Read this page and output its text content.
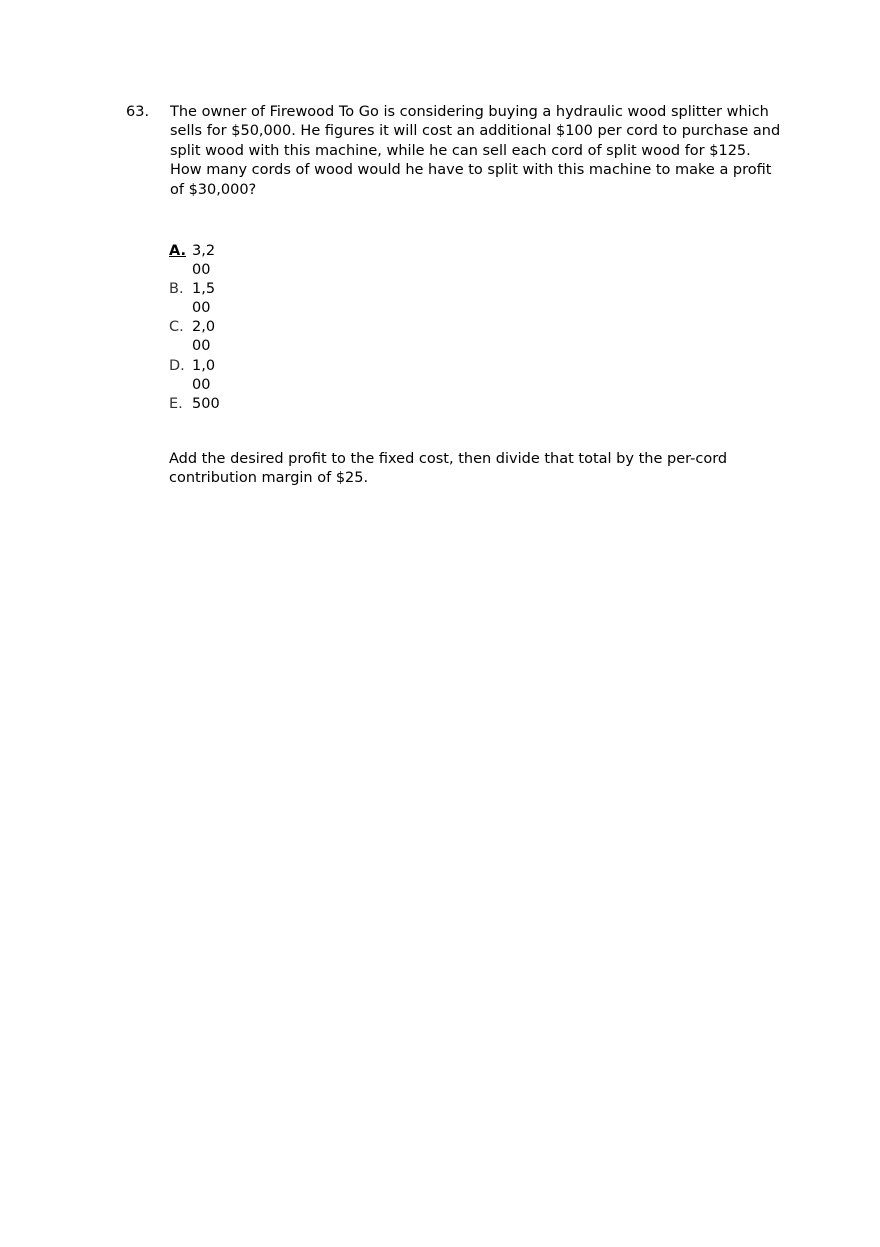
63. The owner of Firewood To Go is considering buying a hydraulic wood splitter which sells for $50,000. He figures it will cost an additional $100 per cord to purchase and split wood with this machine, while he can sell each cord of split wood for $125. How many cords of wood would he have to split with this machine to make a profit of $30,000?
A. 3,200
B. 1,500
C. 2,000
D. 1,000
E. 500
Add the desired profit to the fixed cost, then divide that total by the per-cord contribution margin of $25.
